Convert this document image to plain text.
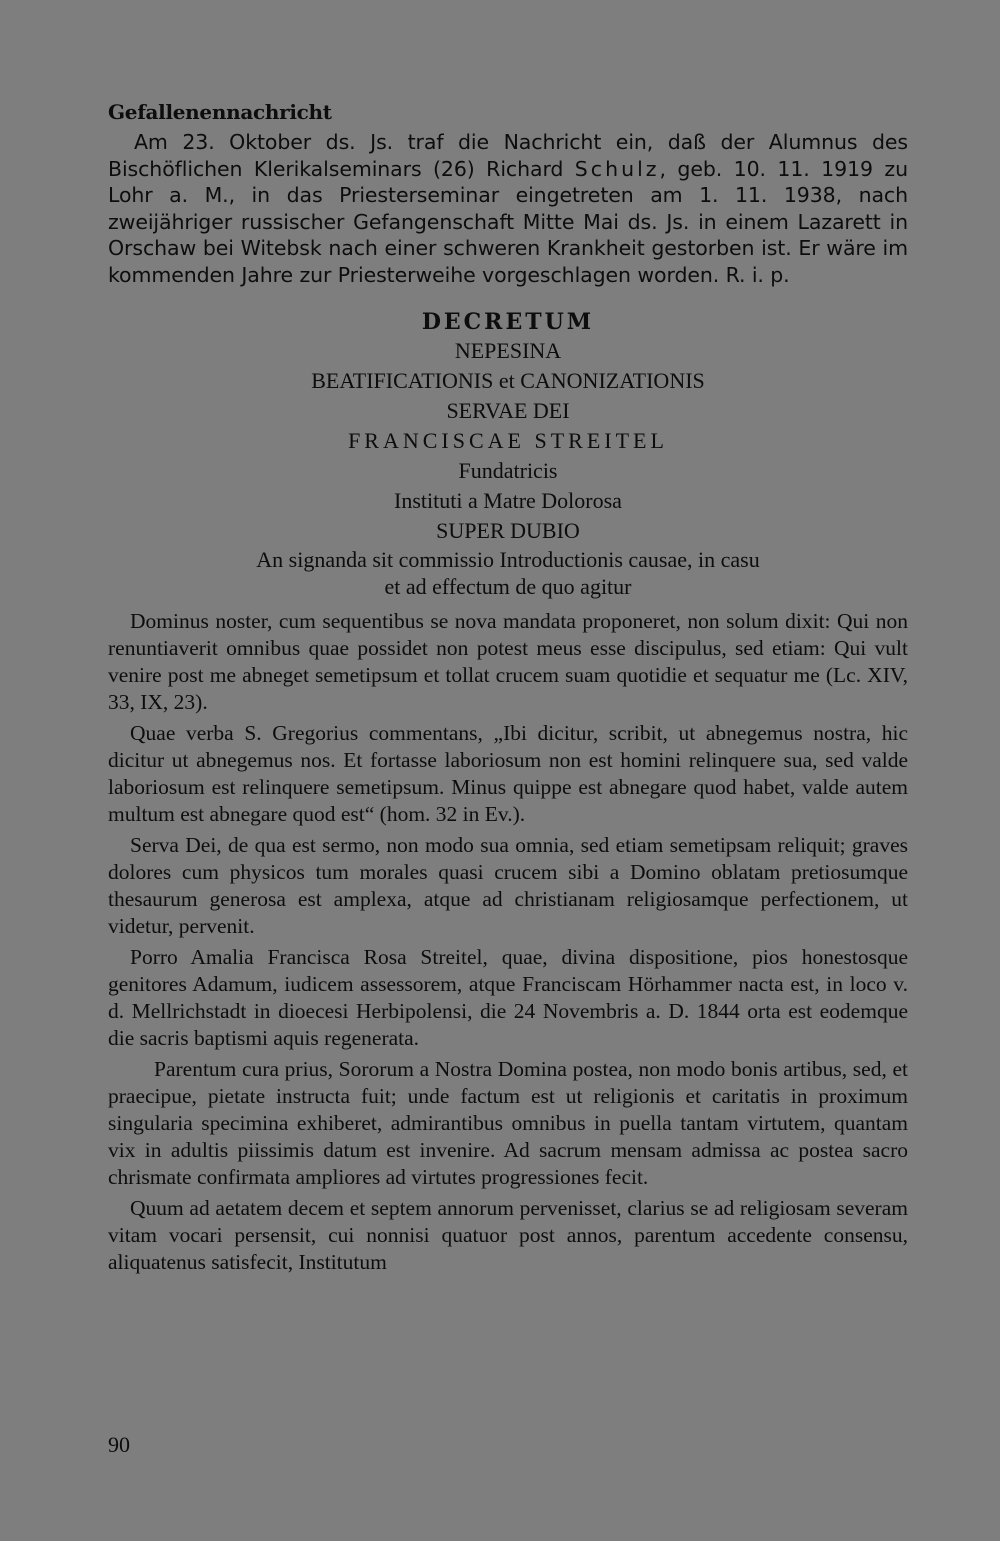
Gefallenennachricht

Am 23. Oktober ds. Js. traf die Nachricht ein, daß der Alumnus des Bischöflichen Klerikalseminars (26) Richard Schulz, geb. 10. 11. 1919 zu Lohr a. M., in das Priesterseminar eingetreten am 1. 11. 1938, nach zweijähriger russischer Gefangenschaft Mitte Mai ds. Js. in einem Lazarett in Orschaw bei Witebsk nach einer schweren Krankheit gestorben ist. Er wäre im kommenden Jahre zur Priesterweihe vorgeschlagen worden. R. i. p.

DECRETUM
NEPESINA
BEATIFICATIONIS et CANONIZATIONIS
SERVAE DEI
FRANCISCAE STREITEL
Fundatricis
Instituti a Matre Dolorosa
SUPER DUBIO
An signanda sit commissio Introductionis causae, in casu
et ad effectum de quo agitur

Dominus noster, cum sequentibus se nova mandata proponeret, non solum dixit: Qui non renuntiaverit omnibus quae possidet non potest meus esse discipulus, sed etiam: Qui vult venire post me abneget semetipsum et tollat crucem suam quotidie et sequatur me (Lc. XIV, 33, IX, 23).

Quae verba S. Gregorius commentans, „Ibi dicitur, scribit, ut abnegemus nostra, hic dicitur ut abnegemus nos. Et fortasse laboriosum non est homini relinquere sua, sed valde laboriosum est relinquere semetipsum. Minus quippe est abnegare quod habet, valde autem multum est abnegare quod est“ (hom. 32 in Ev.).

Serva Dei, de qua est sermo, non modo sua omnia, sed etiam semetipsam reliquit; graves dolores cum physicos tum morales quasi crucem sibi a Domino oblatam pretiosumque thesaurum generosa est amplexa, atque ad christianam religiosamque perfectionem, ut videtur, pervenit.

Porro Amalia Francisca Rosa Streitel, quae, divina dispositione, pios honestosque genitores Adamum, iudicem assessorem, atque Franciscam Hörhammer nacta est, in loco v. d. Mellrichstadt in dioecesi Herbipolensi, die 24 Novembris a. D. 1844 orta est eodemque die sacris baptismi aquis regenerata.

Parentum cura prius, Sororum a Nostra Domina postea, non modo bonis artibus, sed, et praecipue, pietate instructa fuit; unde factum est ut religionis et caritatis in proximum singularia specimina exhiberet, admirantibus omnibus in puella tantam virtutem, quantam vix in adultis piissimis datum est invenire. Ad sacrum mensam admissa ac postea sacro chrismate confirmata ampliores ad virtutes progressiones fecit.

Quum ad aetatem decem et septem annorum pervenisset, clarius se ad religiosam severam vitam vocari persensit, cui nonnisi quatuor post annos, parentum accedente consensu, aliquatenus satisfecit, Institutum

90
